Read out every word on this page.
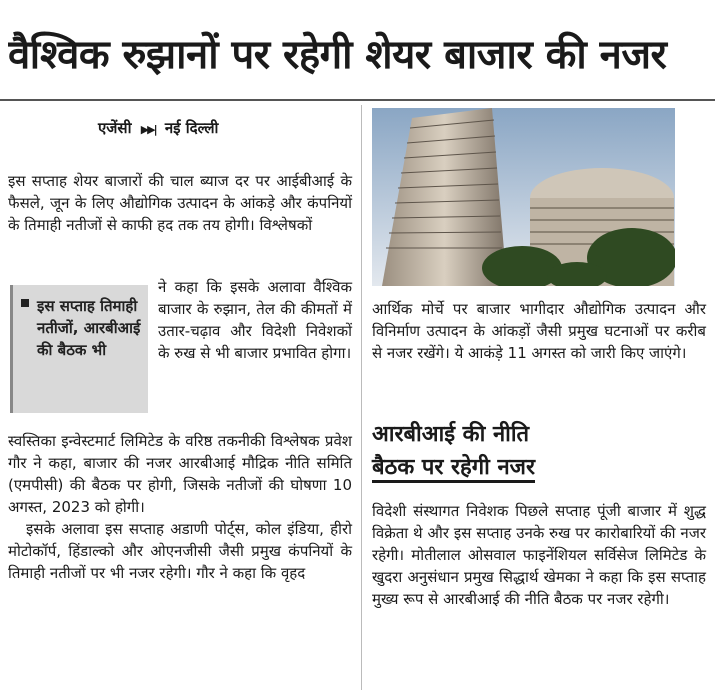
वैश्विक रुझानों पर रहेगी शेयर बाजार की नजर
एजेंसी ▶▶| नई दिल्ली

इस सप्ताह शेयर बाजारों की चाल ब्याज दर पर आईबीआई के फैसले, जून के लिए औद्योगिक उत्पादन के आंकड़े और कंपनियों के तिमाही नतीजों से काफी हद तक तय होगी। विश्लेषकों

इस सप्ताह तिमाही नतीजों, आरबीआई की बैठक भी

ने कहा कि इसके अलावा वैश्विक बाजार के रुझान, तेल की कीमतों में उतार-चढ़ाव और विदेशी निवेशकों के रुख से भी बाजार प्रभावित होगा।

स्वस्तिका इन्वेस्टमार्ट लिमिटेड के वरिष्ठ तकनीकी विश्लेषक प्रवेश गौर ने कहा, बाजार की नजर आरबीआई मौद्रिक नीति समिति (एमपीसी) की बैठक पर होगी, जिसके नतीजों की घोषणा 10 अगस्त, 2023 को होगी।

इसके अलावा इस सप्ताह अडाणी पोर्ट्स, कोल इंडिया, हीरो मोटोकॉर्प, हिंडाल्को और ओएनजीसी जैसी प्रमुख कंपनियों के तिमाही नतीजों पर भी नजर रहेगी। गौर ने कहा कि वृहद

आर्थिक मोर्चे पर बाजार भागीदार औद्योगिक उत्पादन और विनिर्माण उत्पादन के आंकड़ों जैसी प्रमुख घटनाओं पर करीब से नजर रखेंगे। ये आकंड़े 11 अगस्त को जारी किए जाएंगे।

आरबीआई की नीति
बैठक पर रहेगी नजर

विदेशी संस्थागत निवेशक पिछले सप्ताह पूंजी बाजार में शुद्ध विक्रेता थे और इस सप्ताह उनके रुख पर कारोबारियों की नजर रहेगी। मोतीलाल ओसवाल फाइनेंशियल सर्विसेज लिमिटेड के खुदरा अनुसंधान प्रमुख सिद्धार्थ खेमका ने कहा कि इस सप्ताह मुख्य रूप से आरबीआई की नीति बैठक पर नजर रहेगी।
